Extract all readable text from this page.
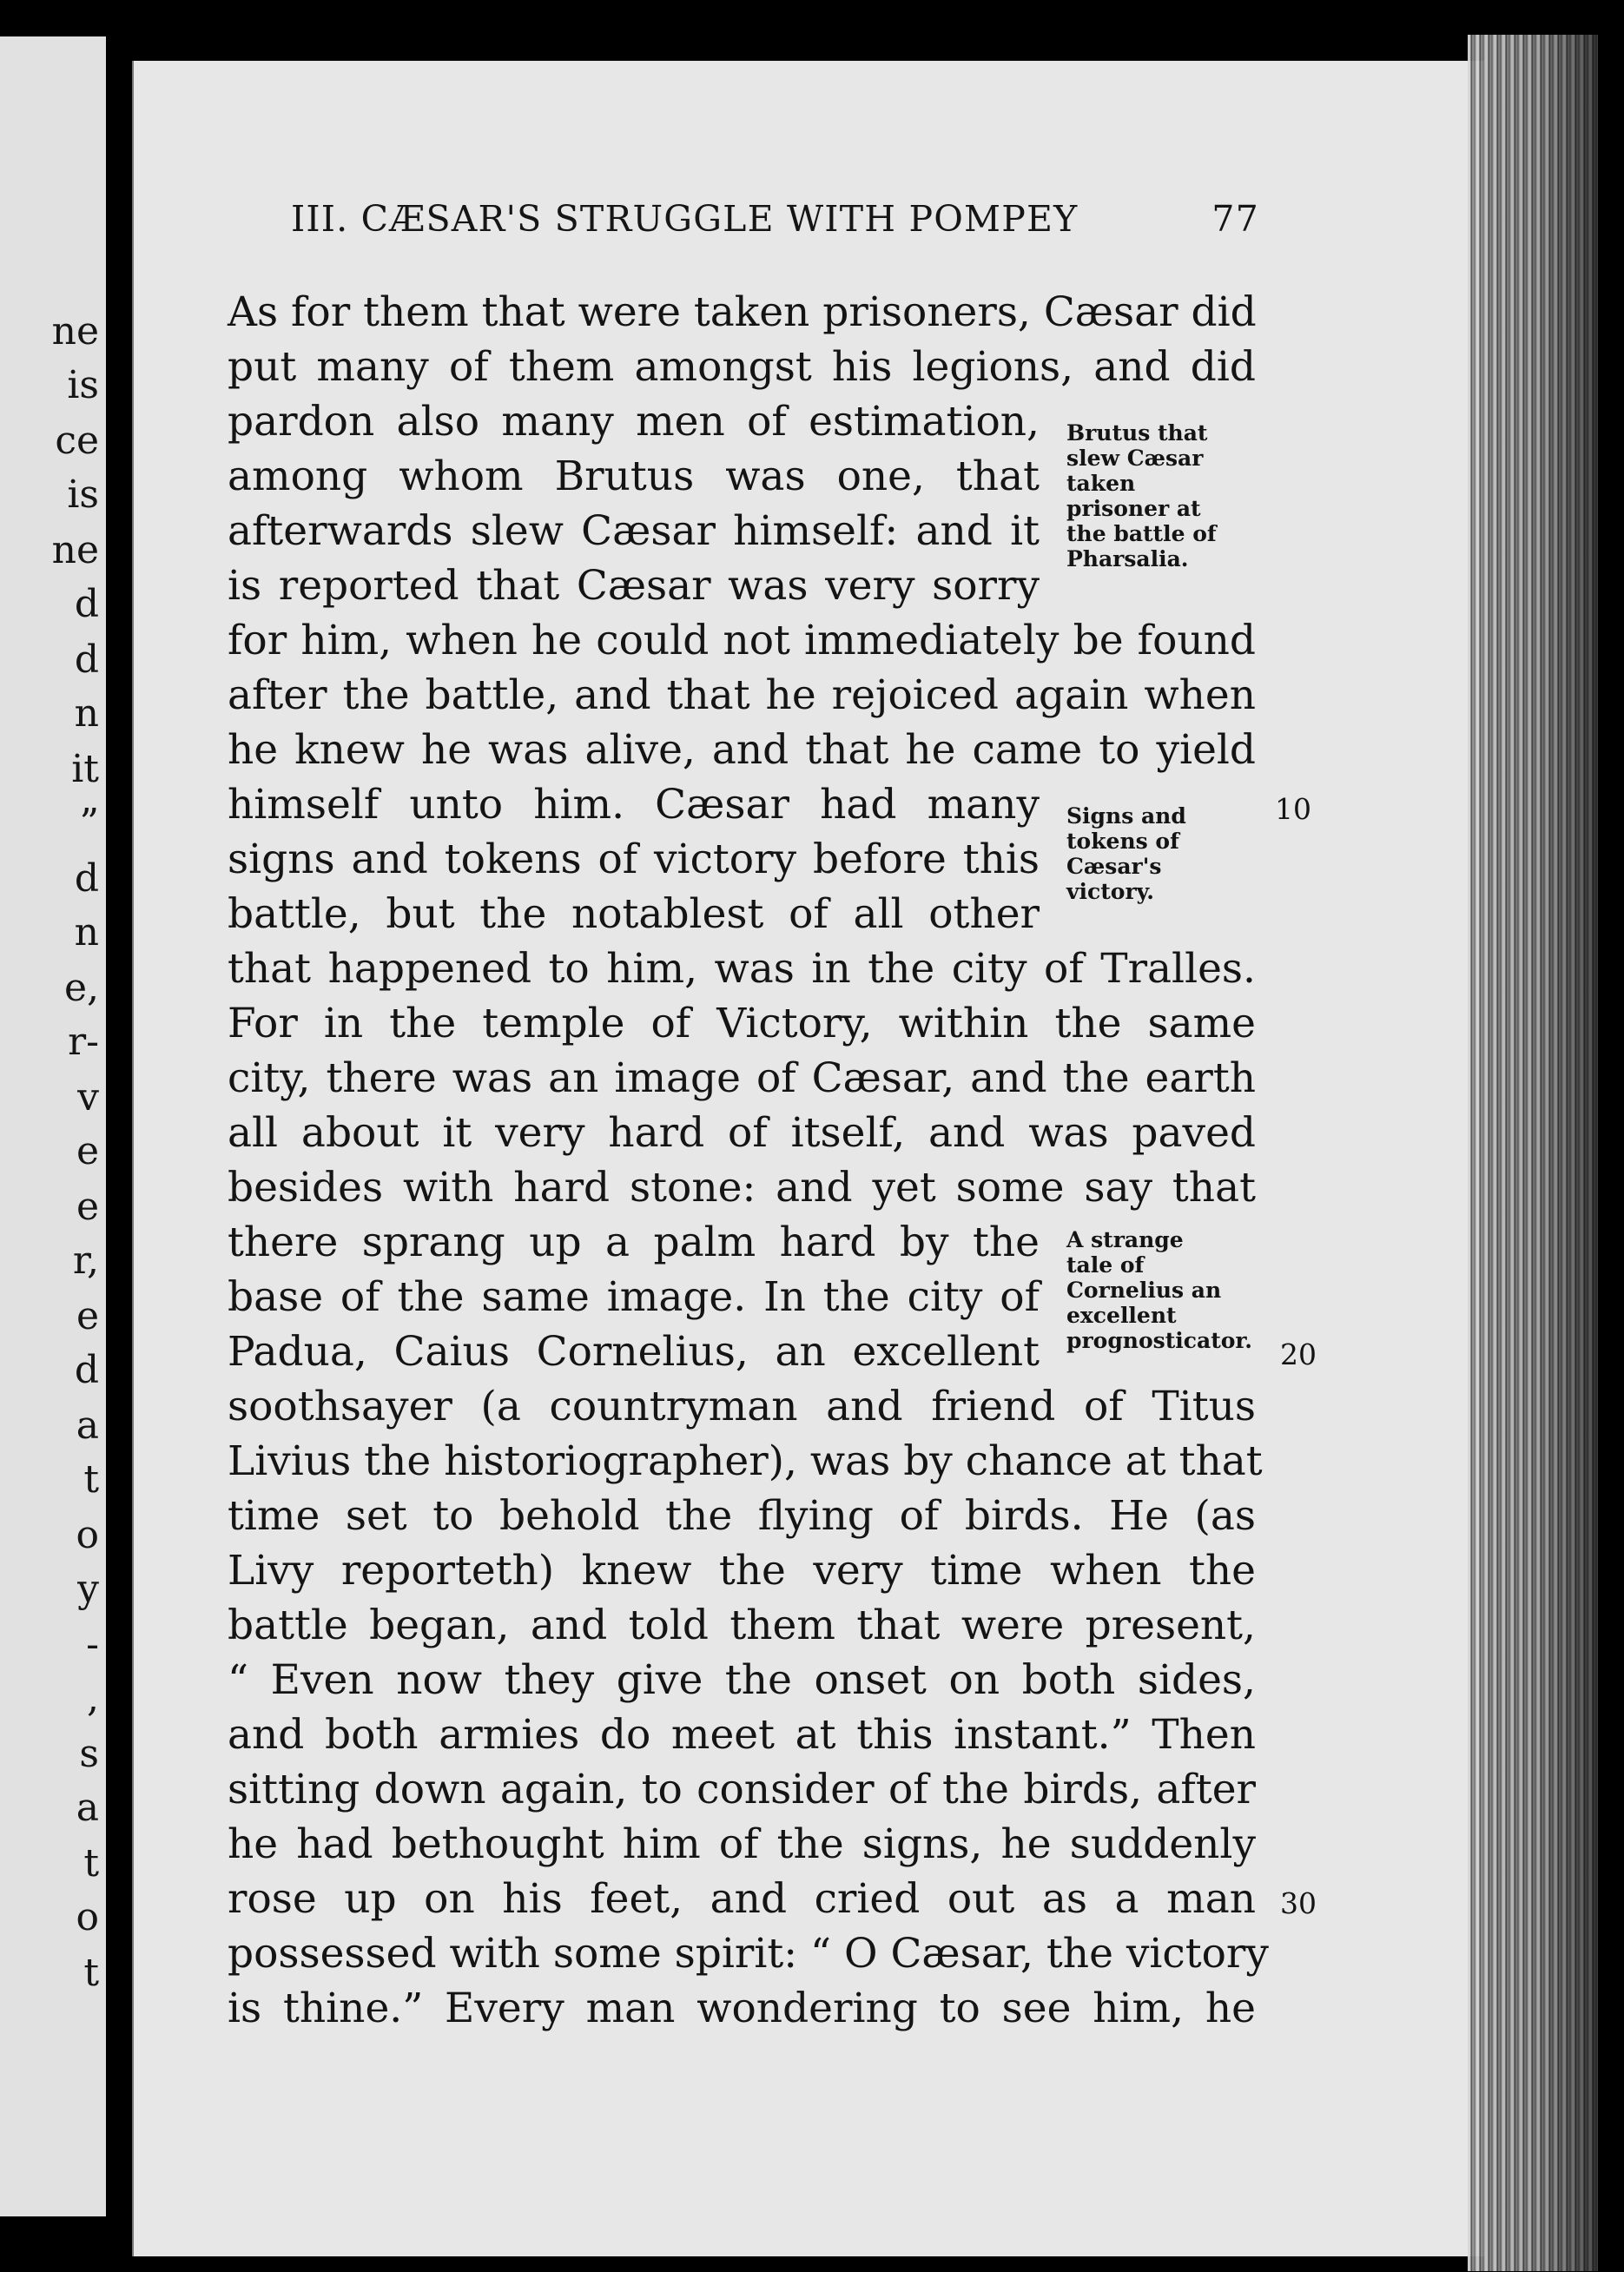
ne
is
ce
is
ne
d
d
n
it
”
d
n
e,
r-
v
e
e
r,
e
d
a
t
o
y
-
,
s
a
t
o
t
III. CÆSAR'S STRUGGLE WITH POMPEY	77
As for them that were taken prisoners, Cæsar did
put many of them amongst his legions, and did
pardon also many men of estimation,
among whom Brutus was one, that
afterwards slew Cæsar himself: and it
is reported that Cæsar was very sorry
for him, when he could not immediately be found
after the battle, and that he rejoiced again when
he knew he was alive, and that he came to yield
himself unto him. Cæsar had many
signs and tokens of victory before this
battle, but the notablest of all other
that happened to him, was in the city of Tralles.
For in the temple of Victory, within the same
city, there was an image of Cæsar, and the earth
all about it very hard of itself, and was paved
besides with hard stone: and yet some say that
there sprang up a palm hard by the
base of the same image. In the city of
Padua, Caius Cornelius, an excellent
soothsayer (a countryman and friend of Titus
Livius the historiographer), was by chance at that
time set to behold the flying of birds. He (as
Livy reporteth) knew the very time when the
battle began, and told them that were present,
“ Even now they give the onset on both sides,
and both armies do meet at this instant.” Then
sitting down again, to consider of the birds, after
he had bethought him of the signs, he suddenly
rose up on his feet, and cried out as a man
possessed with some spirit: “ O Cæsar, the victory
is thine.” Every man wondering to see him, he
Brutus that
slew Cæsar
taken
prisoner at
the battle of
Pharsalia.
Signs and
tokens of
Cæsar's
victory.
A strange
tale of
Cornelius an
excellent
prognosticator.
10
20
30
